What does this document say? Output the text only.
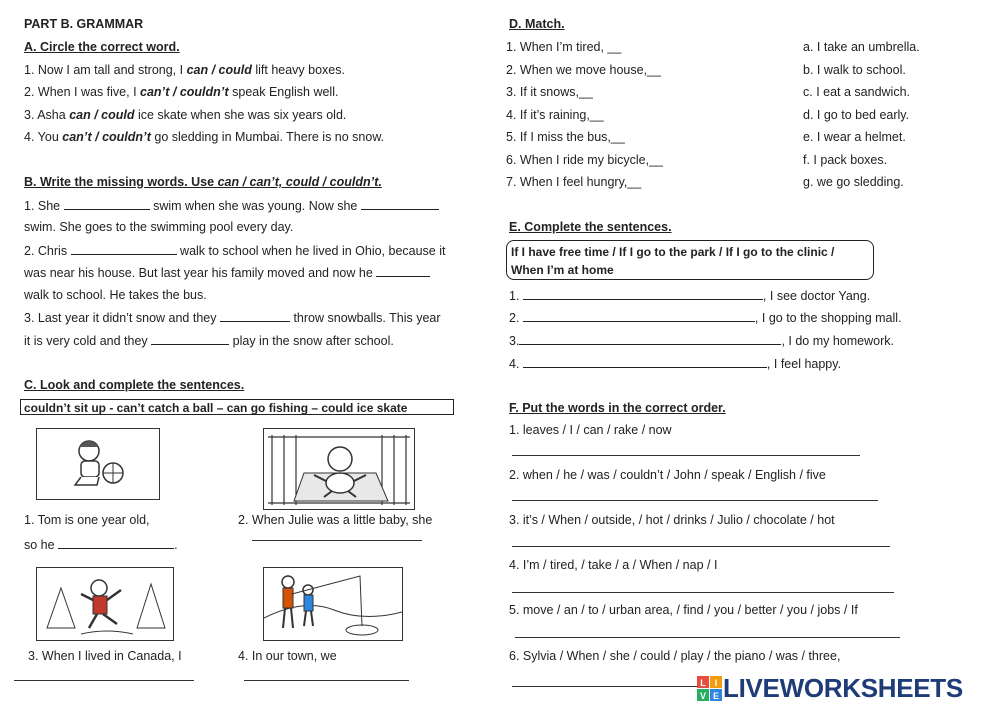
PART B. GRAMMAR
A. Circle the correct word.
1. Now I am tall and strong, I can / could lift heavy boxes.
2. When I was five, I can’t / couldn’t speak English well.
3. Asha can / could ice skate when she was six years old.
4. You can’t / couldn’t go sledding in Mumbai. There is no snow.
B. Write the missing words. Use can / can’t, could / couldn’t.
1. She	swim when she was young. Now she
swim. She goes to the swimming pool every day.
2. Chris	walk to school when he lived in Ohio, because it
was near his house. But last year his family moved and now he
walk to school. He takes the bus.
3. Last year it didn’t snow and they	throw snowballs. This year
it is very cold and they	play in the snow after school.
C. Look and complete the sentences.
couldn’t sit up - can’t catch a ball – can go fishing – could ice skate
1. Tom is one year old,
so he	.
2. When Julie was a little baby, she
3. When I lived in Canada, I	4. In our town, we
D. Match.
1. When I’m tired, __
2. When we move house,__
3. If it snows,__
4. If it’s raining,__
5. If I miss the bus,__
6. When I ride my bicycle,__
7. When I feel hungry,__
a. I take an umbrella.
b. I walk to school.
c. I eat a sandwich.
d. I go to bed early.
e. I wear a helmet.
f. I pack boxes.
g. we go sledding.
E. Complete the sentences.
If I have free time / If I go to the park / If I go to the clinic /
When I’m at home
1.	, I see doctor Yang.
2.	, I go to the shopping mall.
3.	, I do my homework.
4.	, I feel happy.
F. Put the words in the correct order.
1. leaves / I / can / rake / now
2. when / he / was / couldn’t / John / speak / English / five
3. it’s / When / outside, / hot / drinks / Julio / chocolate / hot
4. I’m / tired, / take / a / When / nap / I
5. move / an / to / urban area, / find / you / better / you / jobs / If
6. Sylvia / When / she / could / play / the piano / was / three,
L I
V E LIVEWORKSHEETS
